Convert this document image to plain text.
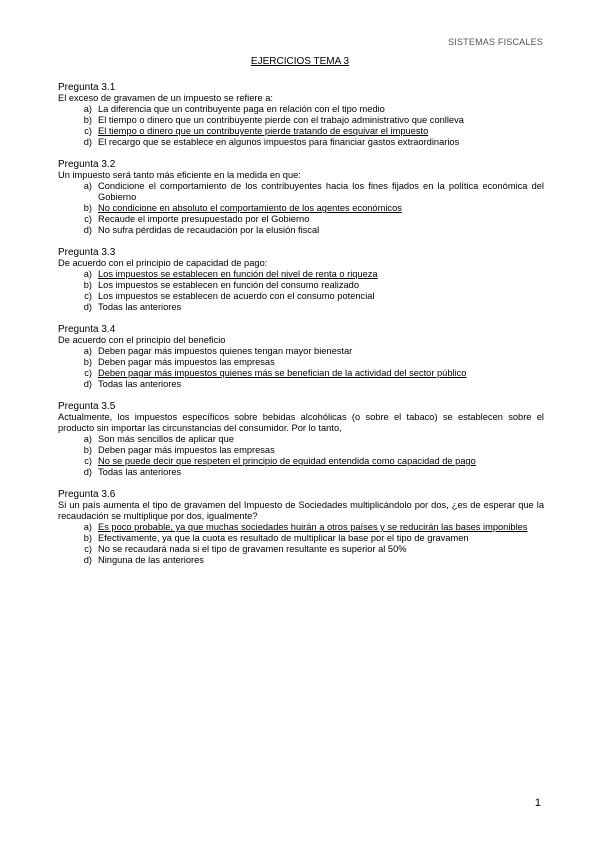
SISTEMAS FISCALES
EJERCICIOS TEMA 3
Pregunta 3.1
El exceso de gravamen de un impuesto se refiere a:
a) La diferencia que un contribuyente paga en relación con el tipo medio
b) El tiempo o dinero que un contribuyente pierde con el trabajo administrativo que conlleva
c) El tiempo o dinero que un contribuyente pierde tratando de esquivar el impuesto
d) El recargo que se establece en algunos impuestos para financiar gastos extraordinarios
Pregunta 3.2
Un impuesto será tanto más eficiente en la medida en que:
a) Condicione el comportamiento de los contribuyentes hacia los fines fijados en la política económica del Gobierno
b) No condicione en absoluto el comportamiento de los agentes económicos
c) Recaude el importe presupuestado por el Gobierno
d) No sufra pérdidas de recaudación por la elusión fiscal
Pregunta 3.3
De acuerdo con el principio de capacidad de pago:
a) Los impuestos se establecen en función del nivel de renta o riqueza
b) Los impuestos se establecen en función del consumo realizado
c) Los impuestos se establecen de acuerdo con el consumo potencial
d) Todas las anteriores
Pregunta 3.4
De acuerdo con el principio del beneficio
a) Deben pagar más impuestos quienes tengan mayor bienestar
b) Deben pagar más impuestos las empresas
c) Deben pagar más impuestos quienes más se benefician de la actividad del sector público
d) Todas las anteriores
Pregunta 3.5
Actualmente, los impuestos específicos sobre bebidas alcohólicas (o sobre el tabaco) se establecen sobre el producto sin importar las circunstancias del consumidor. Por lo tanto,
a) Son más sencillos de aplicar que
b) Deben pagar más impuestos las empresas
c) No se puede decir que respeten el principio de equidad entendida como capacidad de pago
d) Todas las anteriores
Pregunta 3.6
Si un país aumenta el tipo de gravamen del Impuesto de Sociedades multiplicándolo por dos, ¿es de esperar que la recaudación se multiplique por dos, igualmente?
a) Es poco probable, ya que muchas sociedades huirán a otros países y se reducirán las bases imponibles
b) Efectivamente, ya que la cuota es resultado de multiplicar la base por el tipo de gravamen
c) No se recaudará nada si el tipo de gravamen resultante es superior al 50%
d) Ninguna de las anteriores
1
